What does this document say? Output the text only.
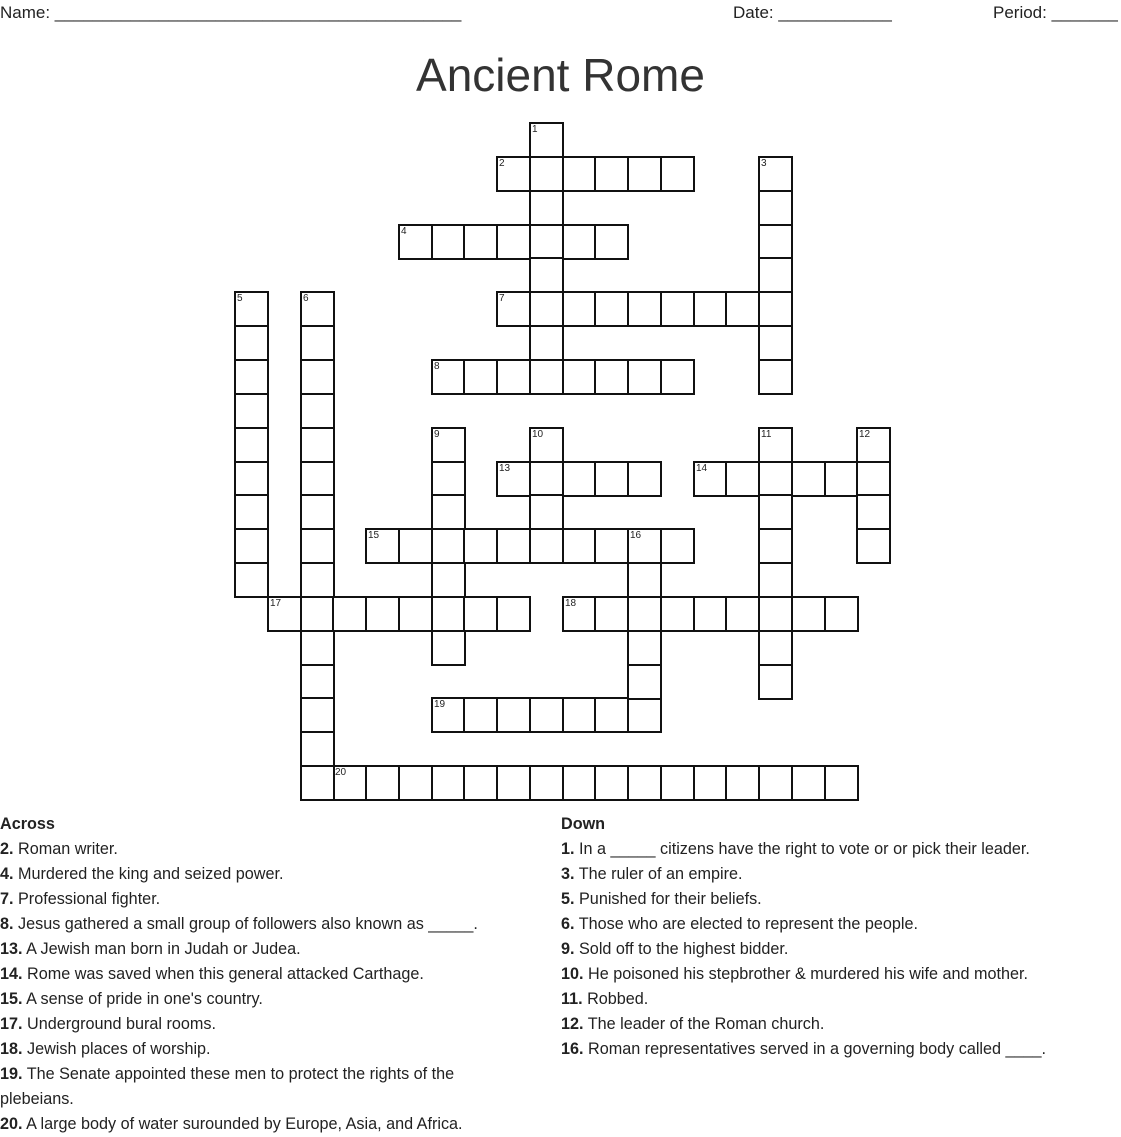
Name: ___________________________________________	Date: ____________	Period: _______
Ancient Rome
2
4
7
8
13	14
15	16
17	18
19
20
1
3
5	6
9	10	11	12
Across
2. Roman writer.
4. Murdered the king and seized power.
7. Professional fighter.
8. Jesus gathered a small group of followers also known as _____.
13. A Jewish man born in Judah or Judea.
14. Rome was saved when this general attacked Carthage.
15. A sense of pride in one's country.
17. Underground bural rooms.
18. Jewish places of worship.
19. The Senate appointed these men to protect the rights of the plebeians.
20. A large body of water surounded by Europe, Asia, and Africa.
Down
1. In a _____ citizens have the right to vote or or pick their leader.
3. The ruler of an empire.
5. Punished for their beliefs.
6. Those who are elected to represent the people.
9. Sold off to the highest bidder.
10. He poisoned his stepbrother & murdered his wife and mother.
11. Robbed.
12. The leader of the Roman church.
16. Roman representatives served in a governing body called ____.
